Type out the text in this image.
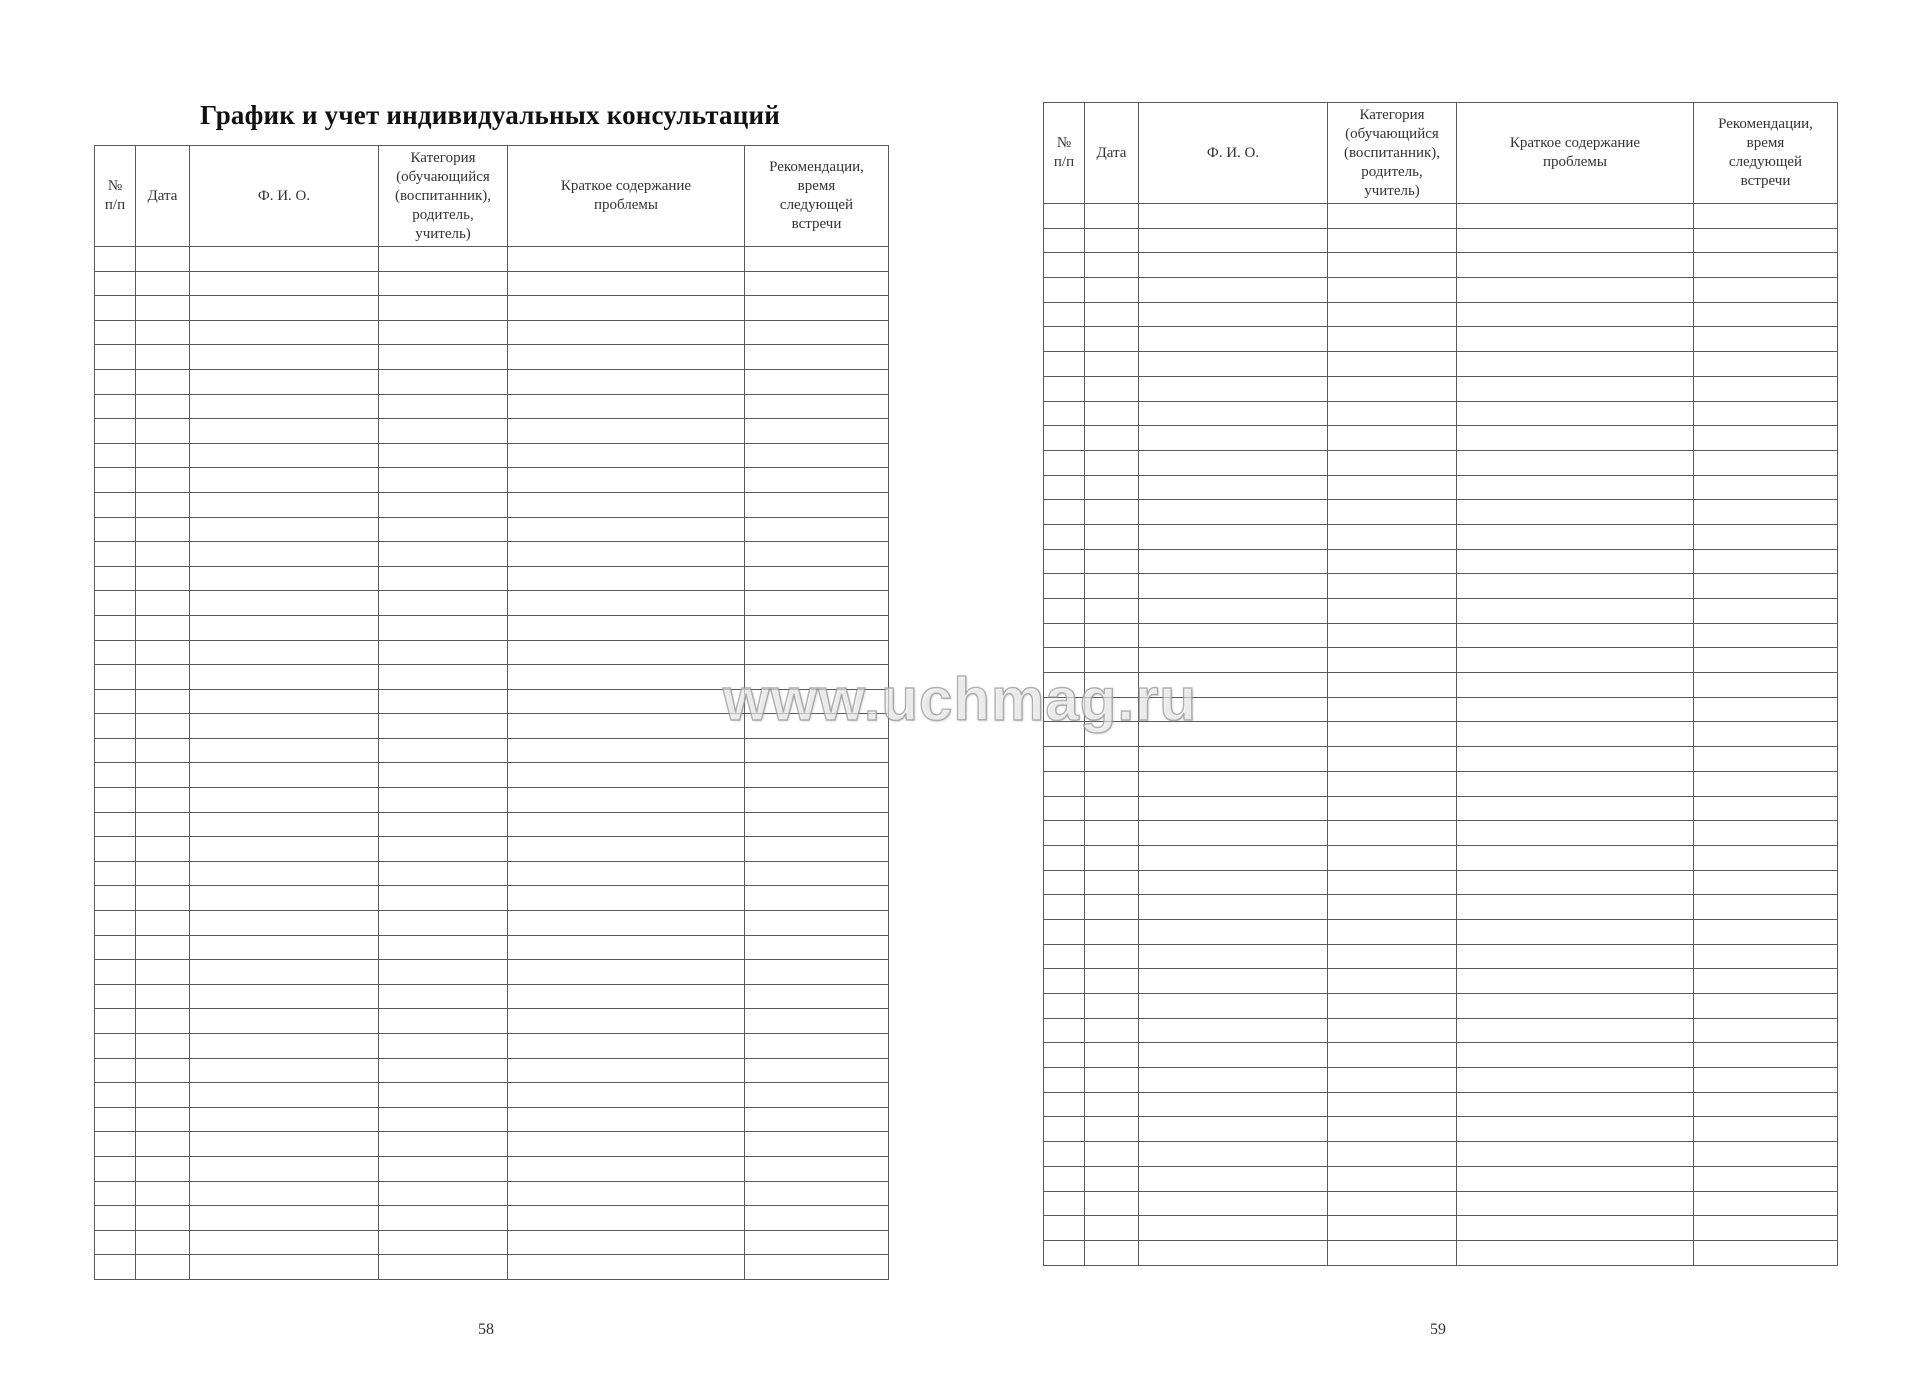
График и учет индивидуальных консультаций
№
п/п	Дата	Ф. И. О.	Категория
(обучающийся
(воспитанник),
родитель,
учитель)	Краткое содержание
проблемы	Рекомендации,
время
следующей
встречи

58
№
п/п	Дата	Ф. И. О.	Категория
(обучающийся
(воспитанник),
родитель,
учитель)	Краткое содержание
проблемы	Рекомендации,
время
следующей
встречи

59
www.uchmag.ru
